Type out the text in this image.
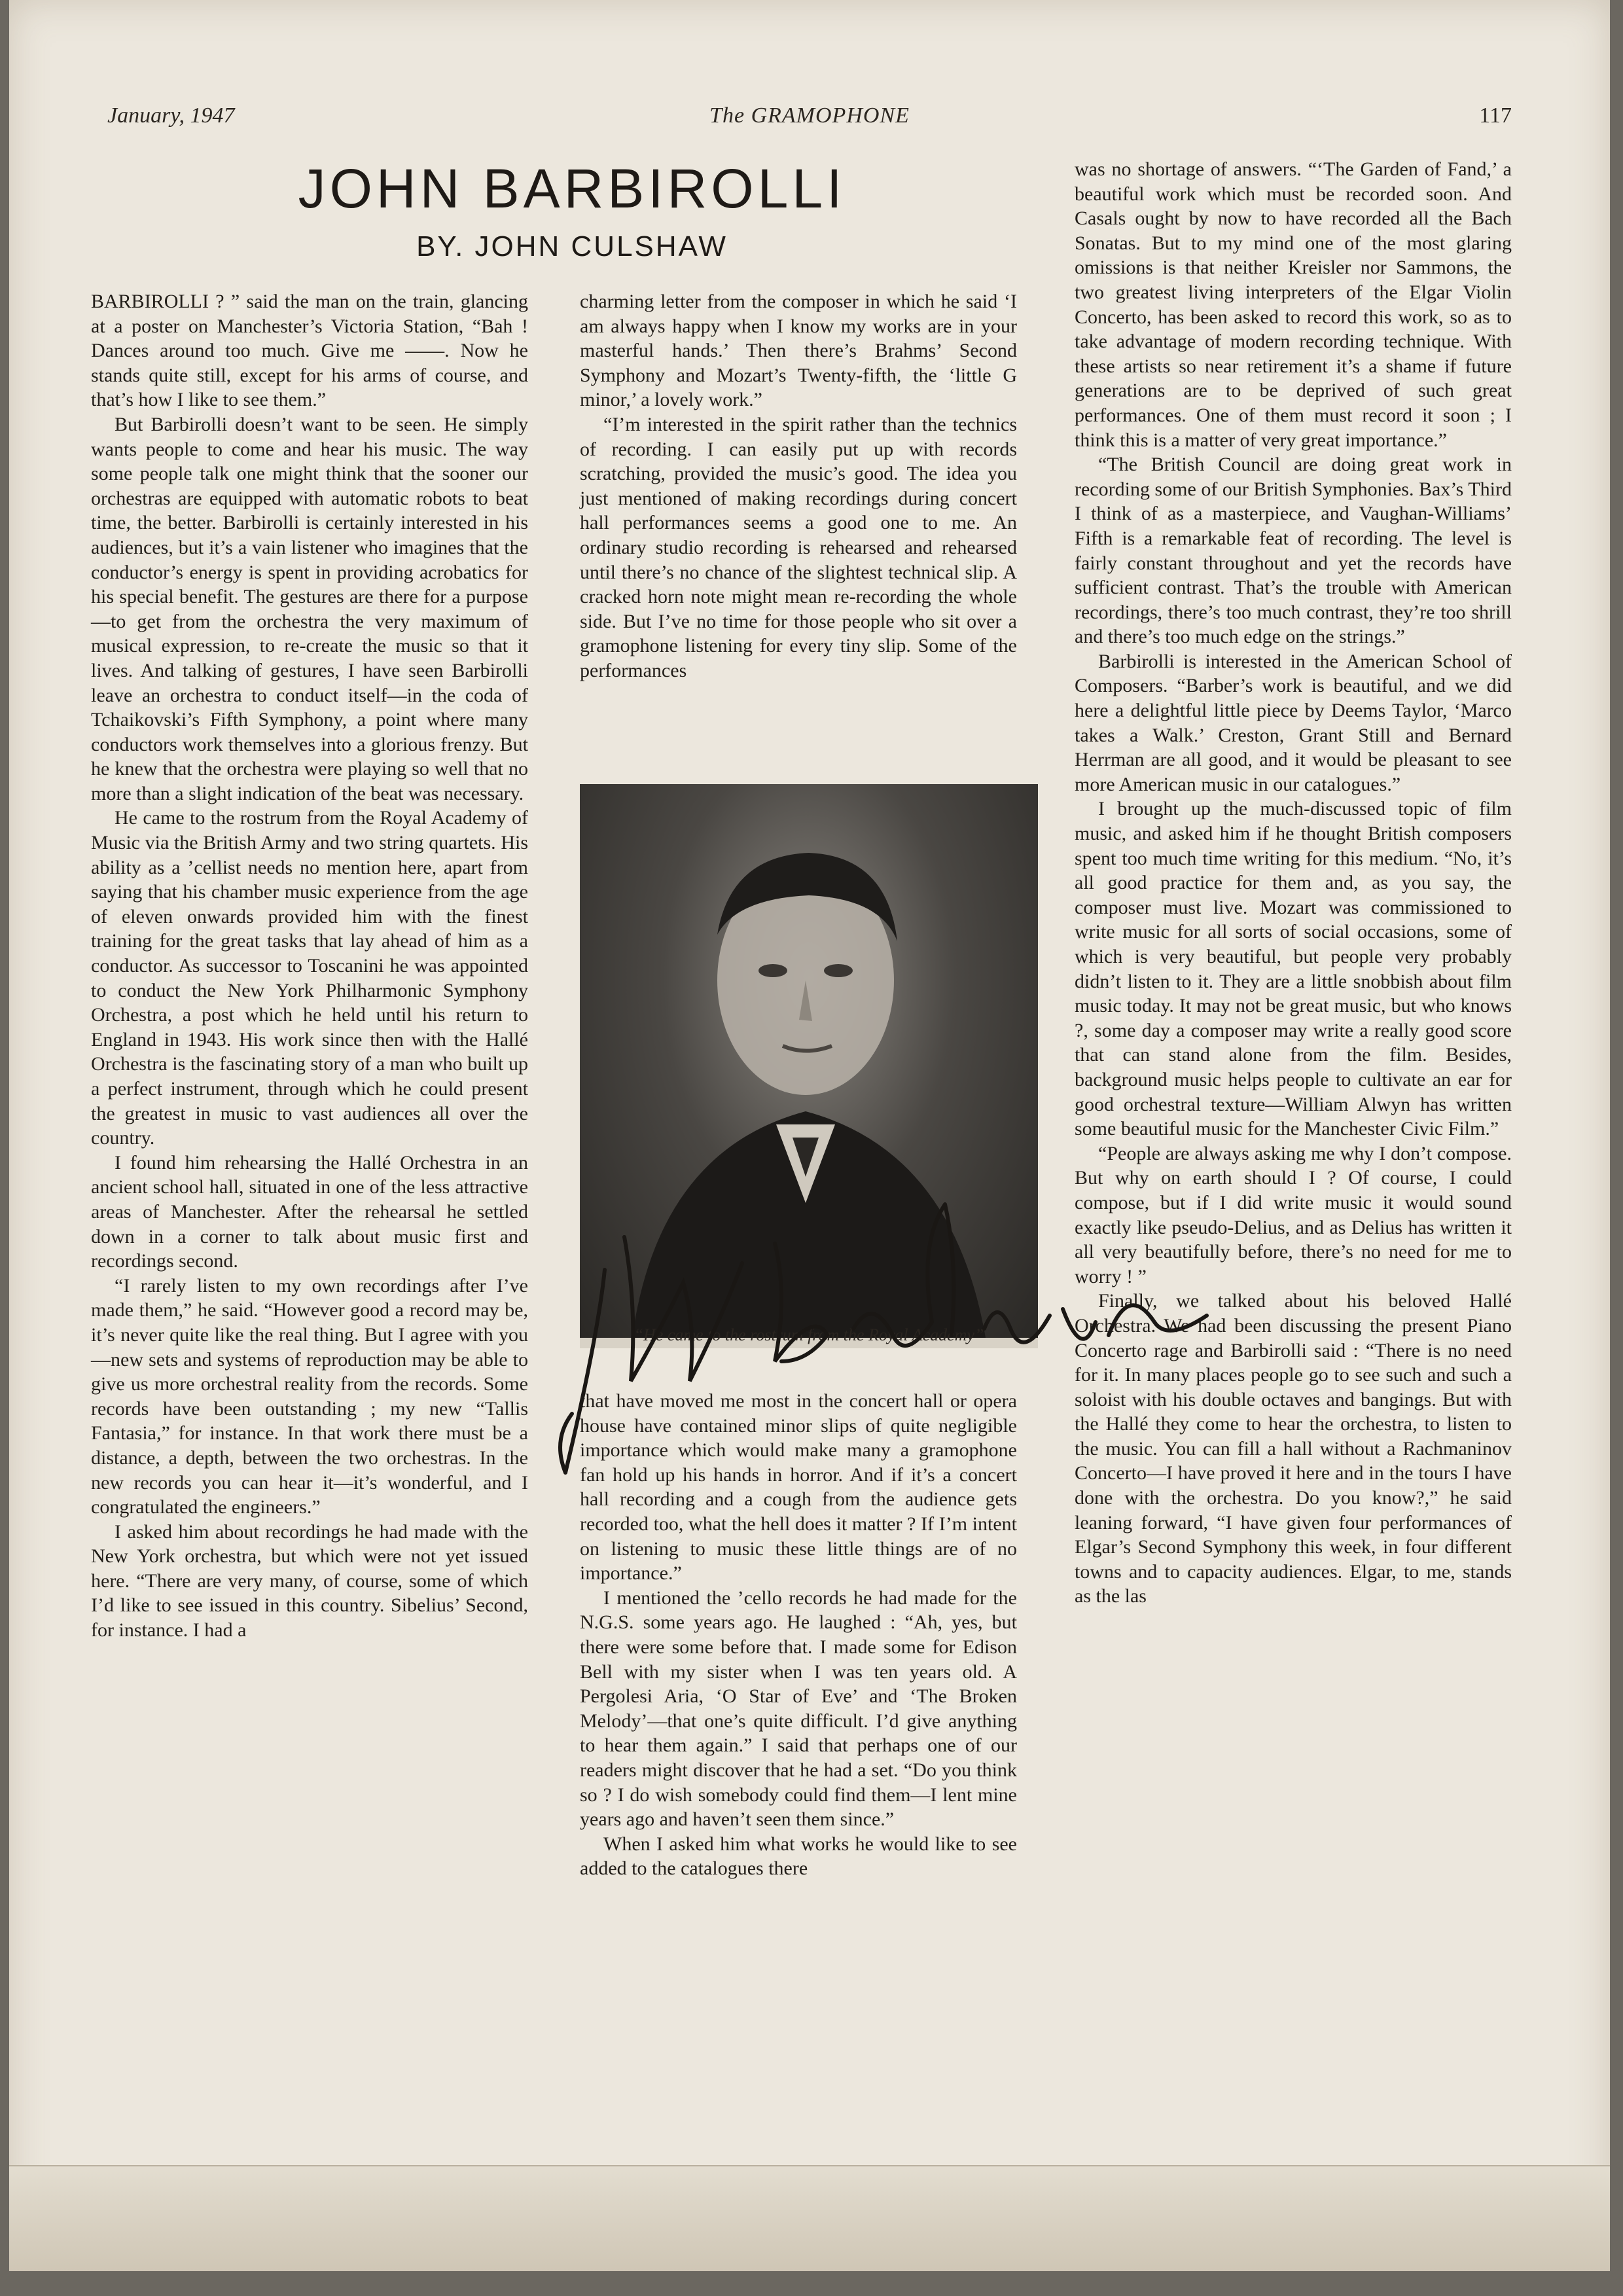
January, 1947	The GRAMOPHONE	117
JOHN BARBIROLLI
BY. JOHN CULSHAW

BARBIROLLI ? ” said the man on the train, glancing at a poster on Manchester’s Victoria Station, “Bah ! Dances around too much. Give me ——. Now he stands quite still, except for his arms of course, and that’s how I like to see them.”

But Barbirolli doesn’t want to be seen. He simply wants people to come and hear his music. The way some people talk one might think that the sooner our orchestras are equipped with automatic robots to beat time, the better. Barbirolli is certainly interested in his audiences, but it’s a vain listener who imagines that the conductor’s energy is spent in providing acrobatics for his special benefit. The gestures are there for a purpose—to get from the orchestra the very maximum of musical expression, to re-create the music so that it lives. And talking of gestures, I have seen Barbirolli leave an orchestra to conduct itself—in the coda of Tchaikovski’s Fifth Symphony, a point where many conductors work themselves into a glorious frenzy. But he knew that the orchestra were playing so well that no more than a slight indication of the beat was necessary.

He came to the rostrum from the Royal Academy of Music via the British Army and two string quartets. His ability as a ’cellist needs no mention here, apart from saying that his chamber music experience from the age of eleven onwards provided him with the finest training for the great tasks that lay ahead of him as a conductor. As successor to Toscanini he was appointed to conduct the New York Philharmonic Symphony Orchestra, a post which he held until his return to England in 1943. His work since then with the Hallé Orchestra is the fascinating story of a man who built up a perfect instrument, through which he could present the greatest in music to vast audiences all over the country.

I found him rehearsing the Hallé Orchestra in an ancient school hall, situated in one of the less attractive areas of Manchester. After the rehearsal he settled down in a corner to talk about music first and recordings second.

“I rarely listen to my own recordings after I’ve made them,” he said. “However good a record may be, it’s never quite like the real thing. But I agree with you—new sets and systems of reproduction may be able to give us more orchestral reality from the records. Some records have been outstanding ; my new “Tallis Fantasia,” for instance. In that work there must be a distance, a depth, between the two orchestras. In the new records you can hear it—it’s wonderful, and I congratulated the engineers.”

I asked him about recordings he had made with the New York orchestra, but which were not yet issued here. “There are very many, of course, some of which I’d like to see issued in this country. Sibelius’ Second, for instance. I had a

charming letter from the composer in which he said ‘I am always happy when I know my works are in your masterful hands.’ Then there’s Brahms’ Second Symphony and Mozart’s Twenty-fifth, the ‘little G minor,’ a lovely work.”

“I’m interested in the spirit rather than the technics of recording. I can easily put up with records scratching, provided the music’s good. The idea you just mentioned of making recordings during concert hall performances seems a good one to me. An ordinary studio recording is rehearsed and rehearsed until there’s no chance of the slightest technical slip. A cracked horn note might mean re-recording the whole side. But I’ve no time for those people who sit over a gramophone listening for every tiny slip. Some of the performances

“He came to the rostrum from the Royal Academy”

that have moved me most in the concert hall or opera house have contained minor slips of quite negligible importance which would make many a gramophone fan hold up his hands in horror. And if it’s a concert hall recording and a cough from the audience gets recorded too, what the hell does it matter ? If I’m intent on listening to music these little things are of no importance.”

I mentioned the ’cello records he had made for the N.G.S. some years ago. He laughed : “Ah, yes, but there were some before that. I made some for Edison Bell with my sister when I was ten years old. A Pergolesi Aria, ‘O Star of Eve’ and ‘The Broken Melody’—that one’s quite difficult. I’d give anything to hear them again.” I said that perhaps one of our readers might discover that he had a set. “Do you think so ? I do wish somebody could find them—I lent mine years ago and haven’t seen them since.”

When I asked him what works he would like to see added to the catalogues there

was no shortage of answers. “‘The Garden of Fand,’ a beautiful work which must be recorded soon. And Casals ought by now to have recorded all the Bach Sonatas. But to my mind one of the most glaring omissions is that neither Kreisler nor Sammons, the two greatest living interpreters of the Elgar Violin Concerto, has been asked to record this work, so as to take advantage of modern recording technique. With these artists so near retirement it’s a shame if future generations are to be deprived of such great performances. One of them must record it soon ; I think this is a matter of very great importance.”

“The British Council are doing great work in recording some of our British Symphonies. Bax’s Third I think of as a masterpiece, and Vaughan-Williams’ Fifth is a remarkable feat of recording. The level is fairly constant throughout and yet the records have sufficient contrast. That’s the trouble with American recordings, there’s too much contrast, they’re too shrill and there’s too much edge on the strings.”

Barbirolli is interested in the American School of Composers. “Barber’s work is beautiful, and we did here a delightful little piece by Deems Taylor, ‘Marco takes a Walk.’ Creston, Grant Still and Bernard Herrman are all good, and it would be pleasant to see more American music in our catalogues.”

I brought up the much-discussed topic of film music, and asked him if he thought British composers spent too much time writing for this medium. “No, it’s all good practice for them and, as you say, the composer must live. Mozart was commissioned to write music for all sorts of social occasions, some of which is very beautiful, but people very probably didn’t listen to it. They are a little snobbish about film music today. It may not be great music, but who knows ?, some day a composer may write a really good score that can stand alone from the film. Besides, background music helps people to cultivate an ear for good orchestral texture—William Alwyn has written some beautiful music for the Manchester Civic Film.”

“People are always asking me why I don’t compose. But why on earth should I ? Of course, I could compose, but if I did write music it would sound exactly like pseudo-Delius, and as Delius has written it all very beautifully before, there’s no need for me to worry ! ”

Finally, we talked about his beloved Hallé Orchestra. We had been discussing the present Piano Concerto rage and Barbirolli said : “There is no need for it. In many places people go to see such and such a soloist with his double octaves and bangings. But with the Hallé they come to hear the orchestra, to listen to the music. You can fill a hall without a Rachmaninov Concerto—I have proved it here and in the tours I have done with the orchestra. Do you know?,” he said leaning forward, “I have given four performances of Elgar’s Second Symphony this week, in four different towns and to capacity audiences. Elgar, to me, stands as the las
